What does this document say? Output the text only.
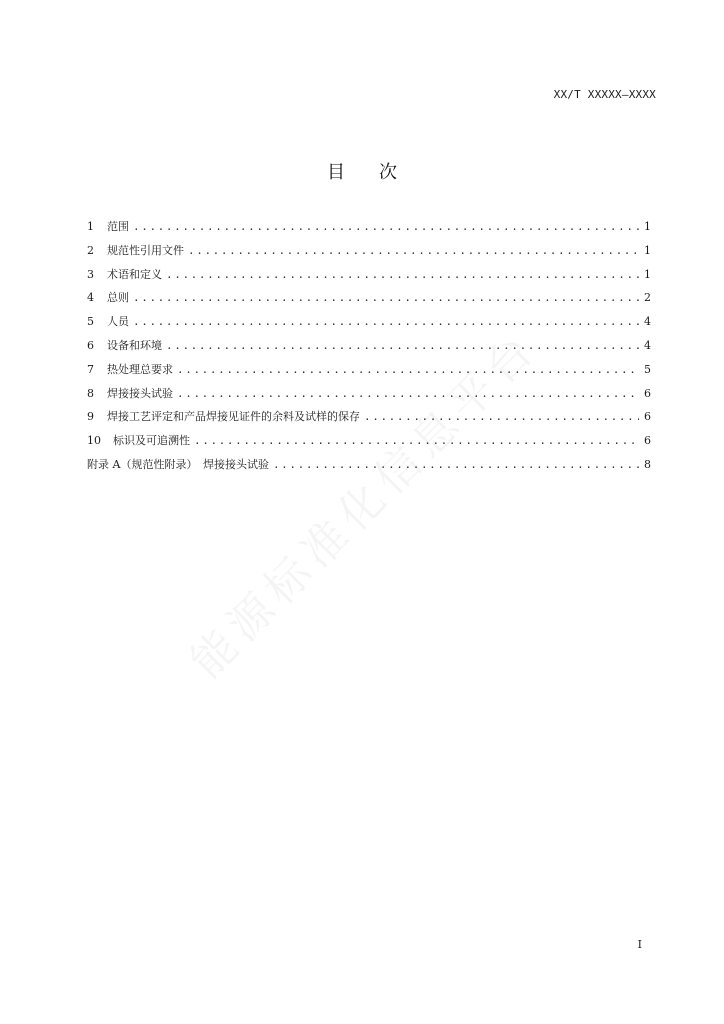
XX/T XXXXX—XXXX
目次
1	范围 .....	1
2	规范性引用文件 .....	1
3	术语和定义 .....	1
4	总则 .....	2
5	人员 .....	4
6	设备和环境 .....	4
7	热处理总要求 .....	5
8	焊接接头试验 .....	6
9	焊接工艺评定和产品焊接见证件的余料及试样的保存 .....	6
10	标识及可追溯性 .....	6
附录 A（规范性附录）　焊接接头试验 .....	8
I
